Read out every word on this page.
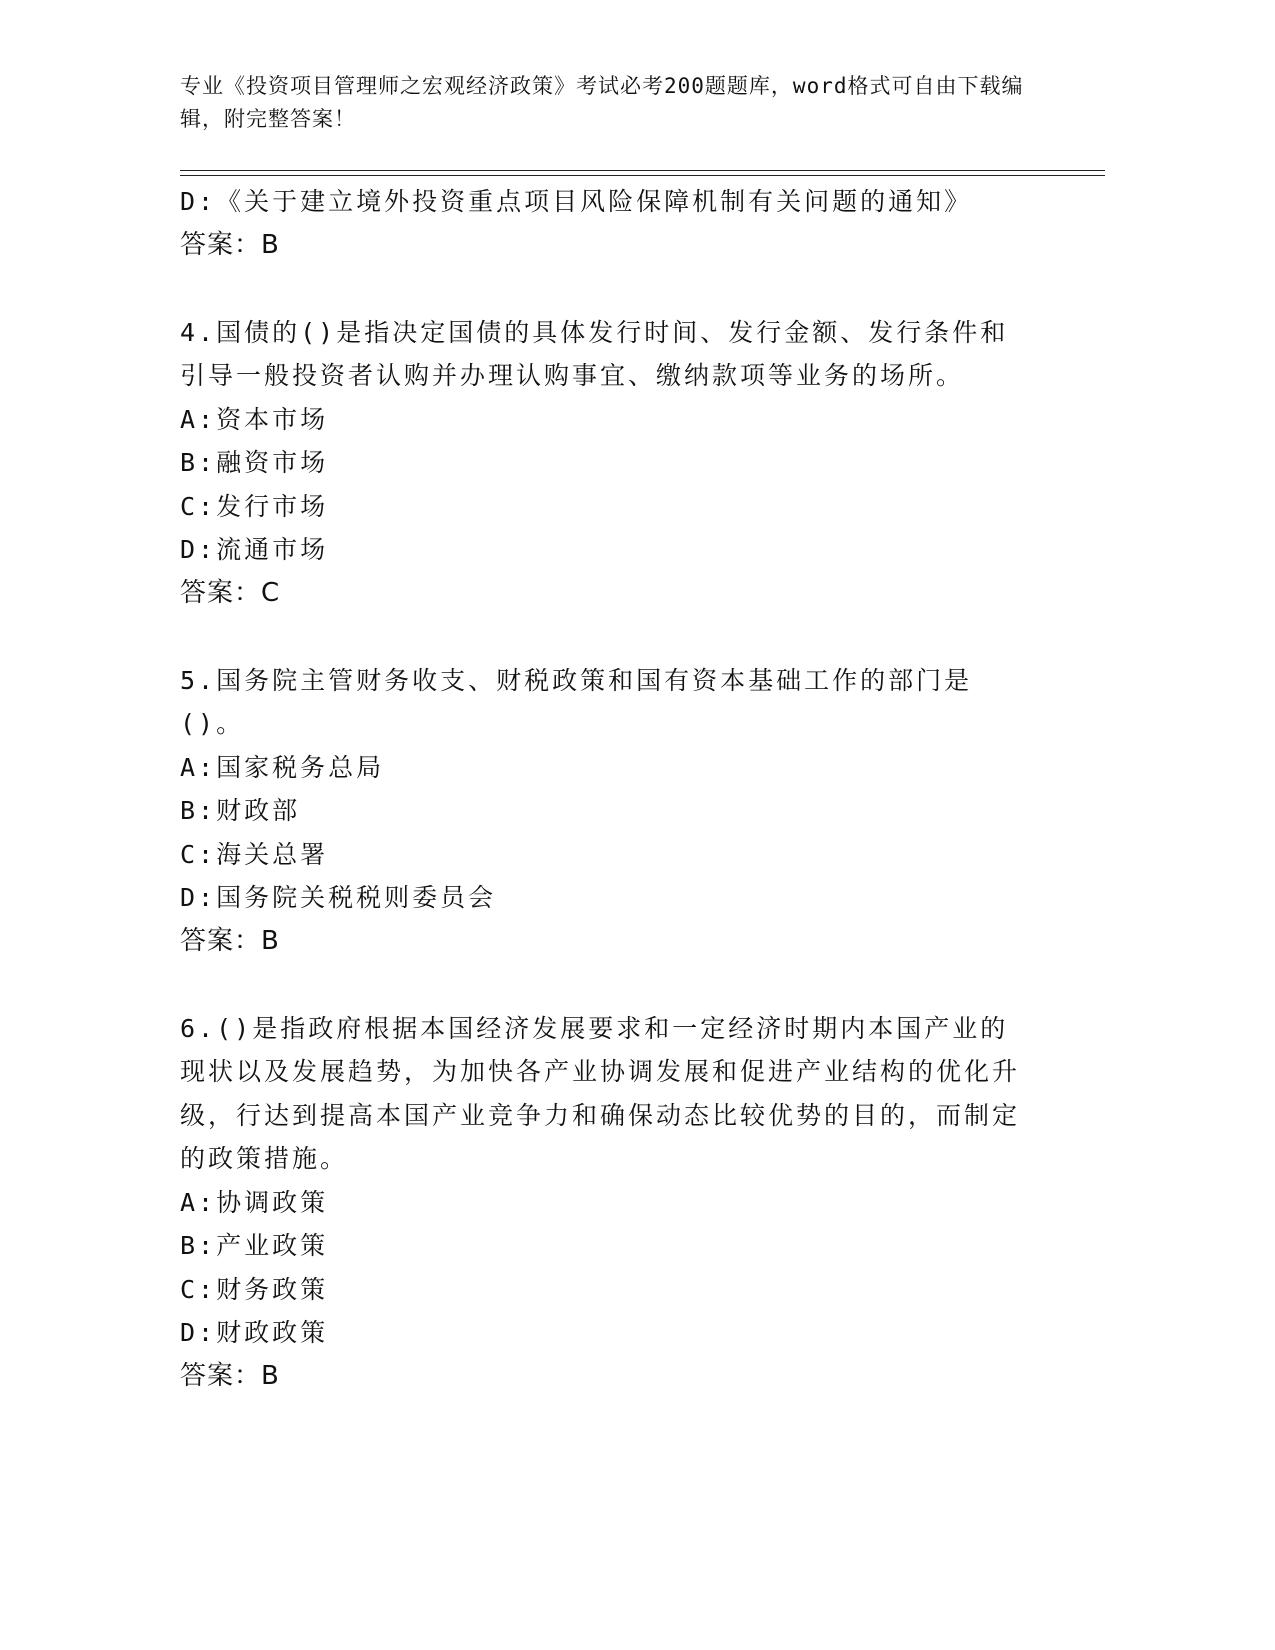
专业《投资项目管理师之宏观经济政策》考试必考200题题库，word格式可自由下载编辑，附完整答案！
D:《关于建立境外投资重点项目风险保障机制有关问题的通知》
答案：B
4.国债的()是指决定国债的具体发行时间、发行金额、发行条件和引导一般投资者认购并办理认购事宜、缴纳款项等业务的场所。
A:资本市场
B:融资市场
C:发行市场
D:流通市场
答案：C
5.国务院主管财务收支、财税政策和国有资本基础工作的部门是()。
A:国家税务总局
B:财政部
C:海关总署
D:国务院关税税则委员会
答案：B
6.()是指政府根据本国经济发展要求和一定经济时期内本国产业的现状以及发展趋势，为加快各产业协调发展和促进产业结构的优化升级，行达到提高本国产业竞争力和确保动态比较优势的目的，而制定的政策措施。
A:协调政策
B:产业政策
C:财务政策
D:财政政策
答案：B
